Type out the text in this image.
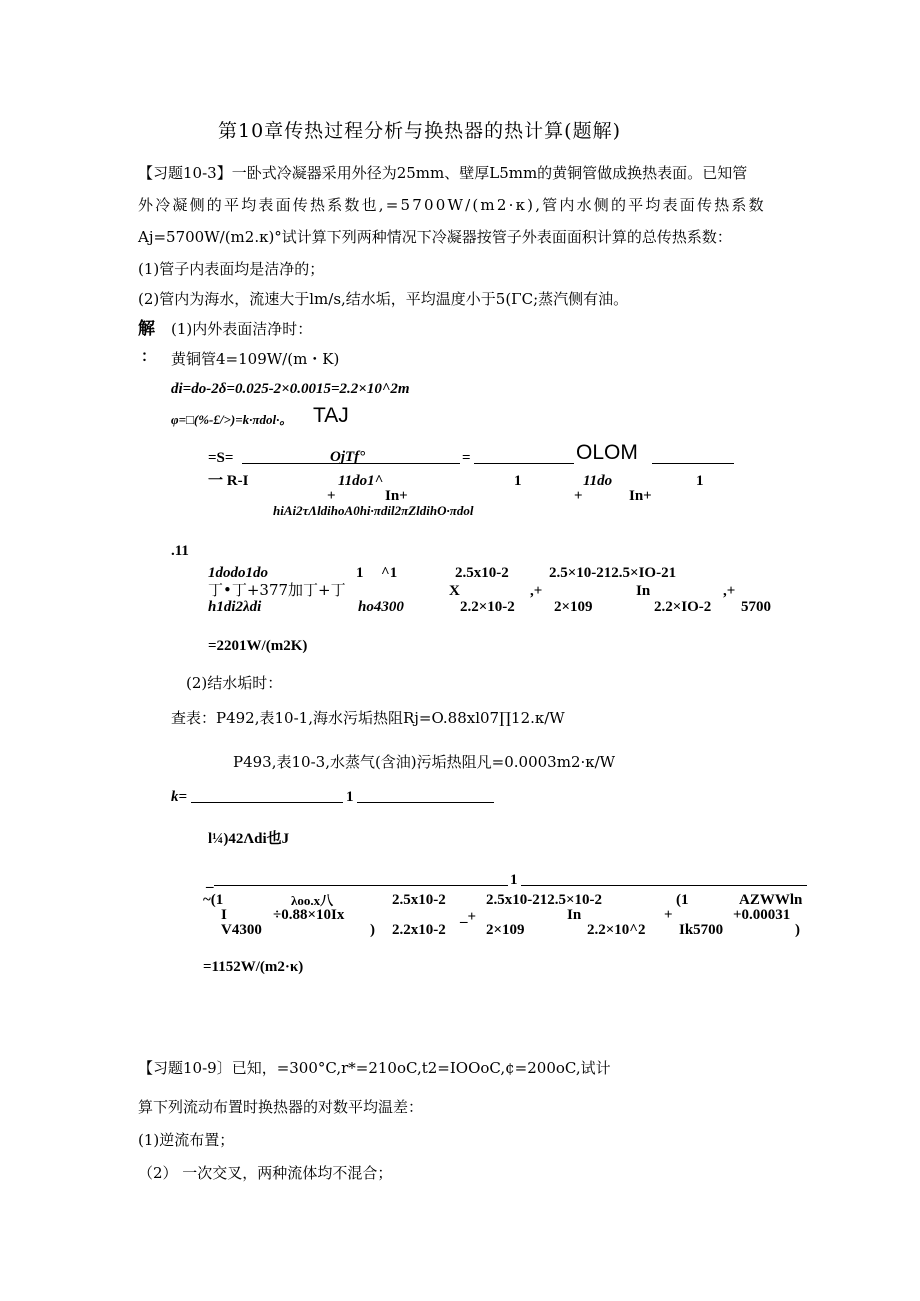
第10章传热过程分析与换热器的热计算(题解)
【习题10-3】一卧式冷凝器采用外径为25mm、壁厚L5mm的黄铜管做成换热表面。已知管
外冷凝侧的平均表面传热系数也,=5700W/(m2·κ),管内水侧的平均表面传热系数
Aj=5700W/(m2.κ)°试计算下列两种情况下冷凝器按管子外表面面积计算的总传热系数：
(1)管子内表面均是洁净的；
(2)管内为海水，流速大于lm∕s,结水垢，平均温度小于5(ΓC;蒸汽侧有油。
解
：
(1)内外表面洁净时：
黄铜管4=109W/(m・K)
di=do-2δ=0.025-2×0.0015=2.2×10^2m
φ=□(%-£/>)=k·πdol·。 TAJ
=S=	OjTf°	=	OLOM
一 R-I	11do1^	1	11do	1
+	In+	+	In+
hiAi2τΛldihoA0hi·πdil2πZldihO·πdol
.11
1dodo1do	1 ^1	2.5x10-2	2.5×10-212.5×IO-21
丁•丁+377加丁+丁	X	,+	In	,+
h1di2λdi	ho4300	2.2×10-2	2×109	2.2×IO-2 5700
=2201W/(m2K)
(2)结水垢时：
查表：P492,表10-1,海水污垢热阻Rj=O.88xl07∏12.κ∕W
P493,表10-3,水蒸气(含油)污垢热阻凡=0.0003m2·κ∕W
k=	1
l¼)42Λdi也J
_	1
~(1	λoo.x八	2.5x10-2	2.5x10-212.5×10-2	(1	AZWWln
I	÷0.88×10Ix	_+	In	+	+0.00031
V4300	) 2.2x10-2	2×109	2.2×10^2 Ik5700	)
=1152W/(m2·κ)
【习题10-9〕已知，=300°C,r*=210oC,t2=IOOoC,¢=200oC,试计
算下列流动布置时换热器的对数平均温差：
(1)逆流布置；
（2） 一次交叉，两种流体均不混合；
